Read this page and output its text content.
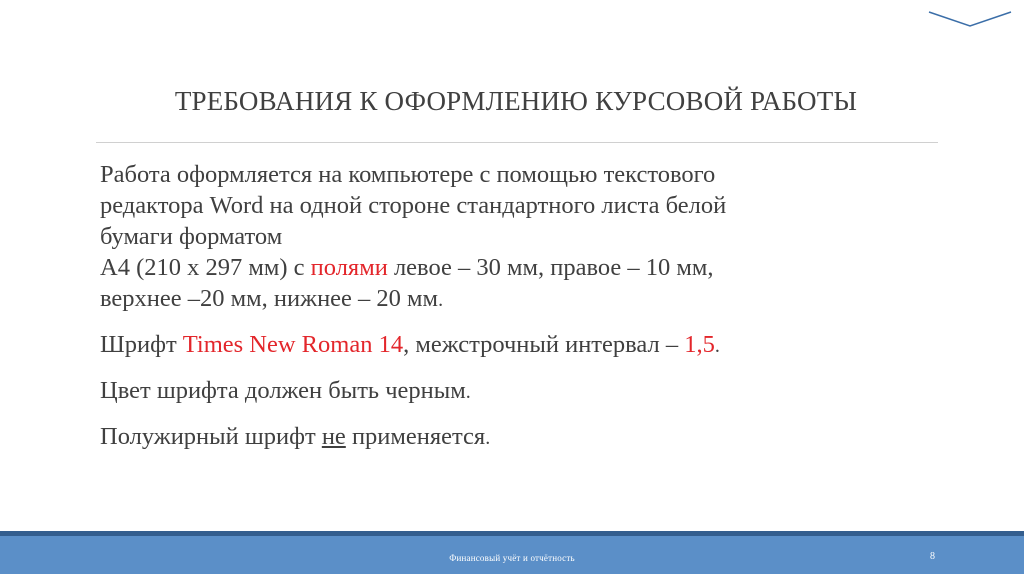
ТРЕБОВАНИЯ К ОФОРМЛЕНИЮ КУРСОВОЙ РАБОТЫ
Работа оформляется на компьютере с помощью текстового
редактора Word на одной стороне стандартного листа белой
бумаги форматом
А4 (210 х 297 мм) с полями левое – 30 мм, правое – 10 мм,
верхнее –20 мм, нижнее – 20 мм.
Шрифт Times New Roman 14, межстрочный интервал – 1,5.
Цвет шрифта должен быть черным.
Полужирный шрифт не применяется.
Финансовый учёт и отчётность	8
